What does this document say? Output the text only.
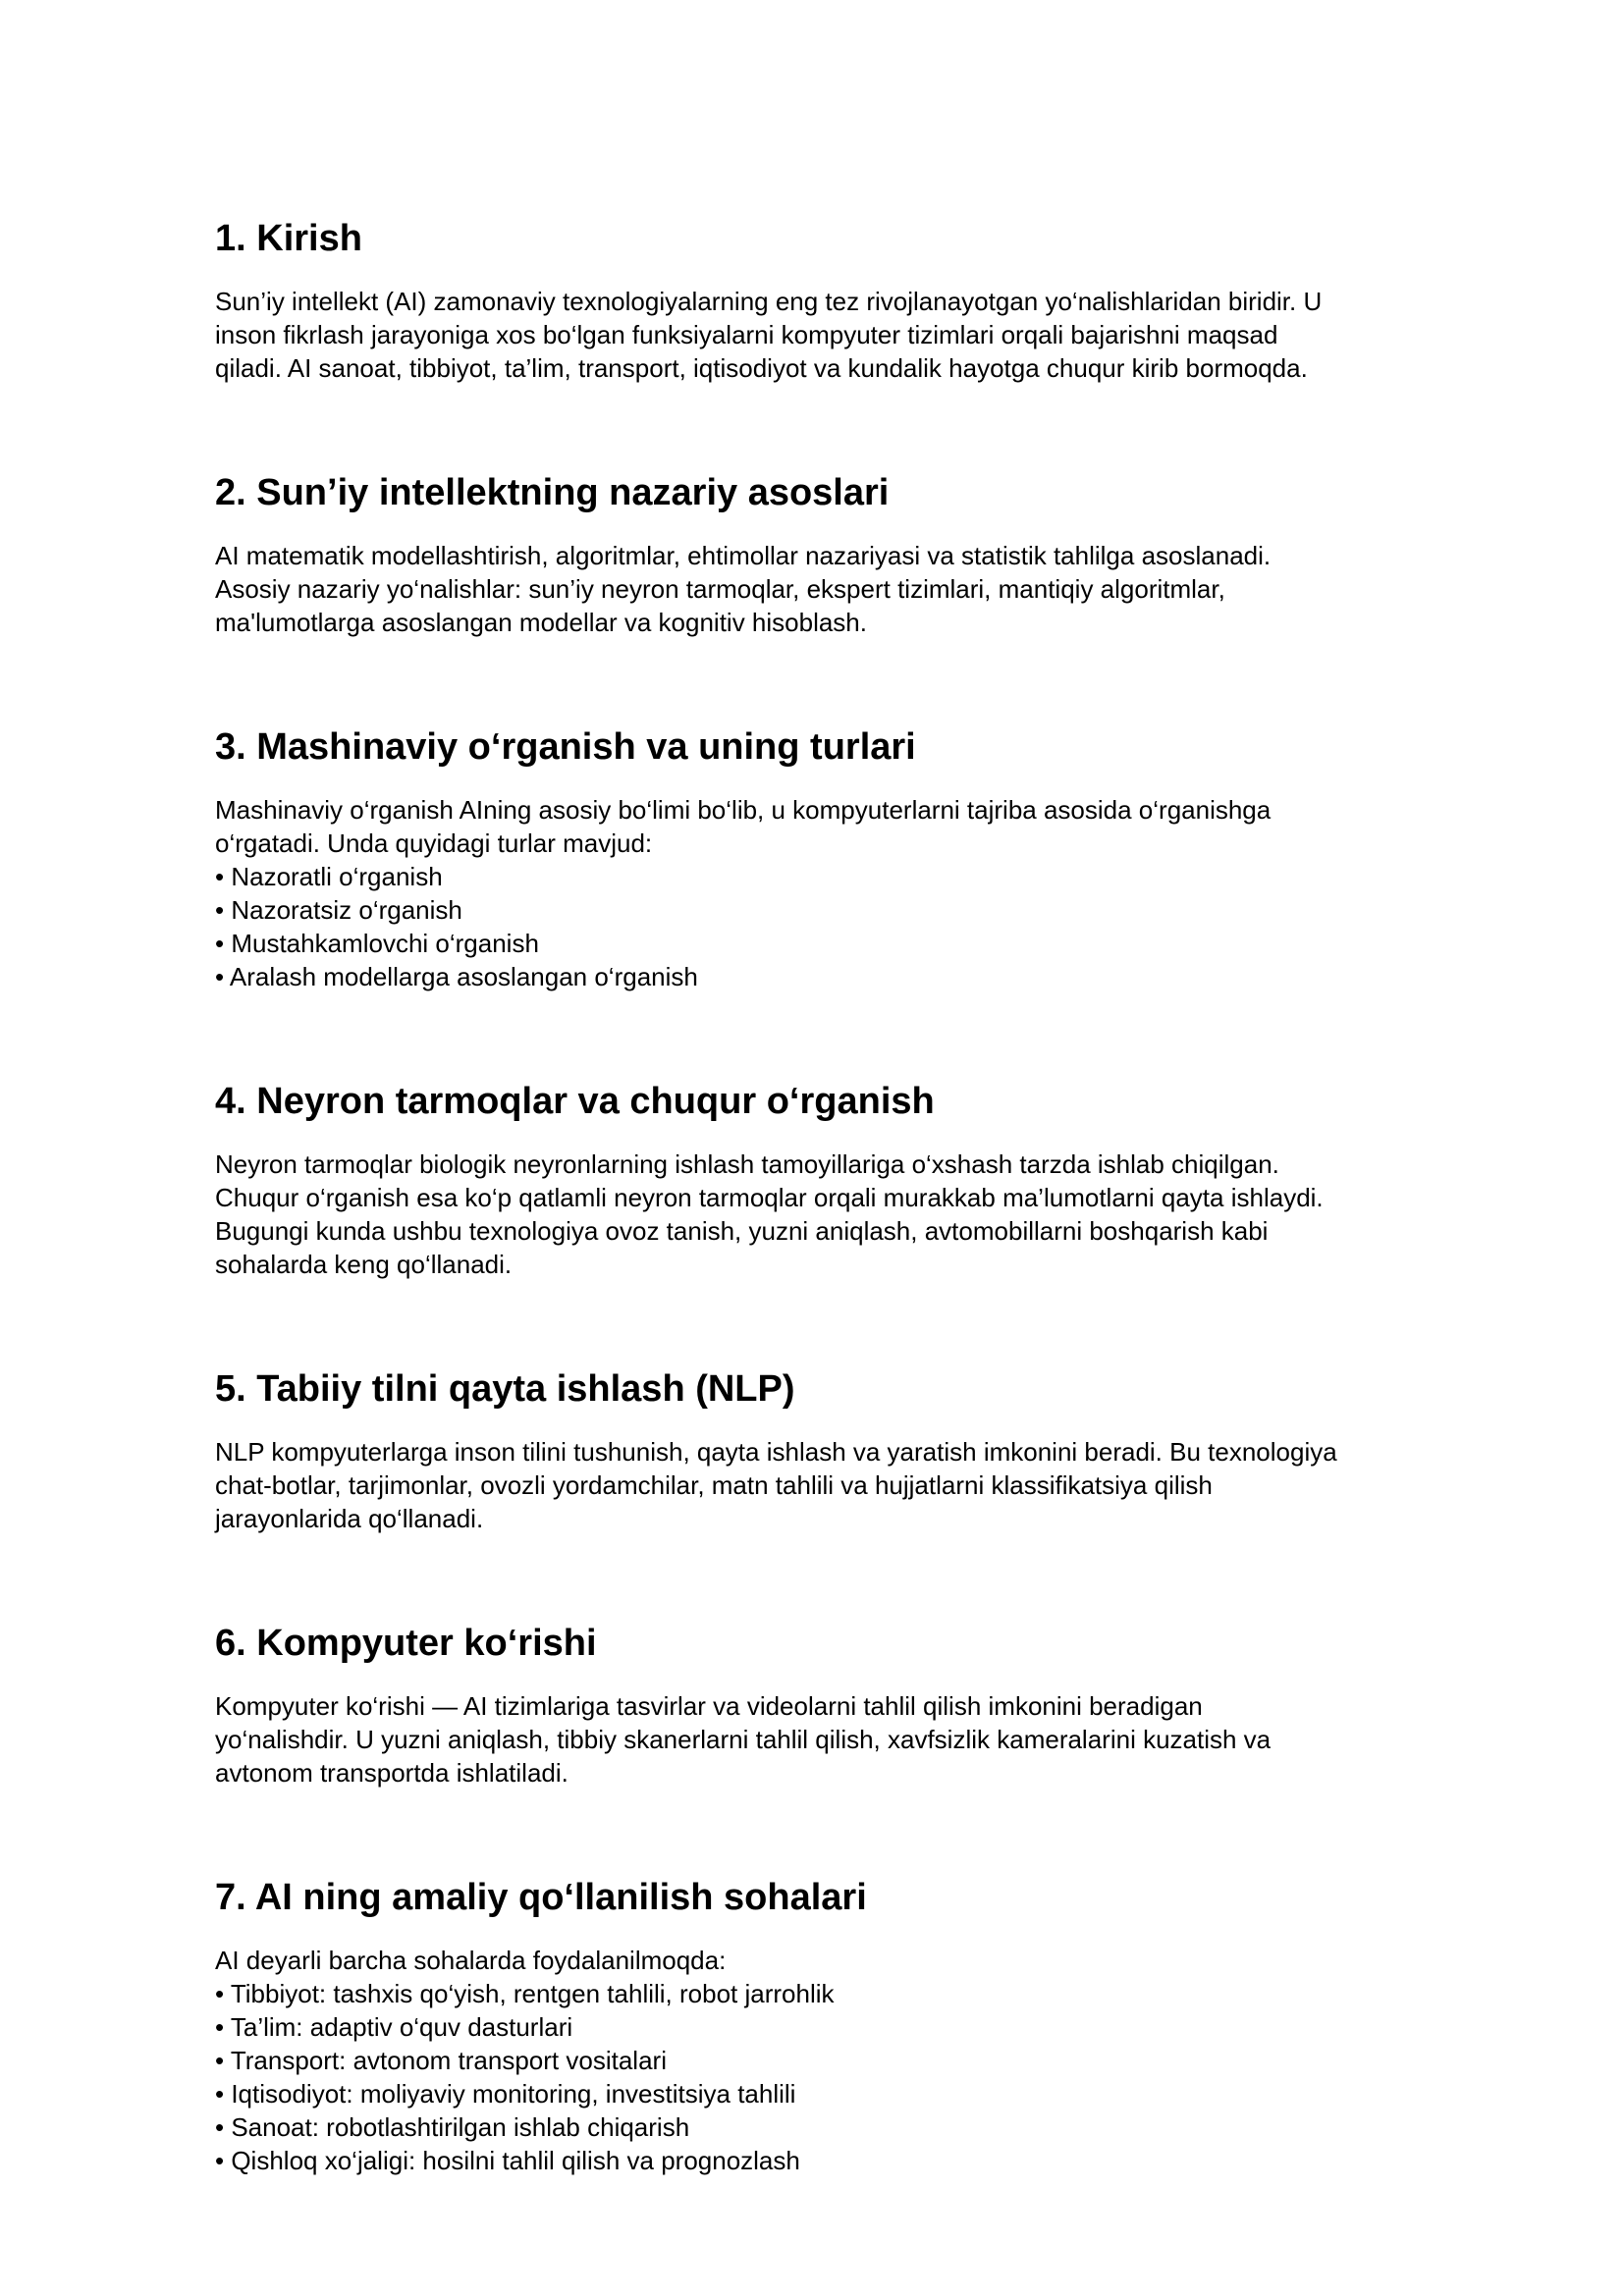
1. Kirish

Sun’iy intellekt (AI) zamonaviy texnologiyalarning eng tez rivojlanayotgan yo‘nalishlaridan biridir. U
inson fikrlash jarayoniga xos bo‘lgan funksiyalarni kompyuter tizimlari orqali bajarishni maqsad
qiladi. AI sanoat, tibbiyot, ta’lim, transport, iqtisodiyot va kundalik hayotga chuqur kirib bormoqda.

2. Sun’iy intellektning nazariy asoslari

AI matematik modellashtirish, algoritmlar, ehtimollar nazariyasi va statistik tahlilga asoslanadi.
Asosiy nazariy yo‘nalishlar: sun’iy neyron tarmoqlar, ekspert tizimlari, mantiqiy algoritmlar,
ma'lumotlarga asoslangan modellar va kognitiv hisoblash.

3. Mashinaviy o‘rganish va uning turlari

Mashinaviy o‘rganish AIning asosiy bo‘limi bo‘lib, u kompyuterlarni tajriba asosida o‘rganishga
o‘rgatadi. Unda quyidagi turlar mavjud:

• Nazoratli o‘rganish
• Nazoratsiz o‘rganish
• Mustahkamlovchi o‘rganish
• Aralash modellarga asoslangan o‘rganish
4. Neyron tarmoqlar va chuqur o‘rganish

Neyron tarmoqlar biologik neyronlarning ishlash tamoyillariga o‘xshash tarzda ishlab chiqilgan.
Chuqur o‘rganish esa ko‘p qatlamli neyron tarmoqlar orqali murakkab ma’lumotlarni qayta ishlaydi.
Bugungi kunda ushbu texnologiya ovoz tanish, yuzni aniqlash, avtomobillarni boshqarish kabi
sohalarda keng qo‘llanadi.

5. Tabiiy tilni qayta ishlash (NLP)

NLP kompyuterlarga inson tilini tushunish, qayta ishlash va yaratish imkonini beradi. Bu texnologiya
chat-botlar, tarjimonlar, ovozli yordamchilar, matn tahlili va hujjatlarni klassifikatsiya qilish
jarayonlarida qo‘llanadi.

6. Kompyuter ko‘rishi

Kompyuter ko‘rishi — AI tizimlariga tasvirlar va videolarni tahlil qilish imkonini beradigan
yo‘nalishdir. U yuzni aniqlash, tibbiy skanerlarni tahlil qilish, xavfsizlik kameralarini kuzatish va
avtonom transportda ishlatiladi.

7. AI ning amaliy qo‘llanilish sohalari

AI deyarli barcha sohalarda foydalanilmoqda:

• Tibbiyot: tashxis qo‘yish, rentgen tahlili, robot jarrohlik
• Ta’lim: adaptiv o‘quv dasturlari
• Transport: avtonom transport vositalari
• Iqtisodiyot: moliyaviy monitoring, investitsiya tahlili
• Sanoat: robotlashtirilgan ishlab chiqarish
• Qishloq xo‘jaligi: hosilni tahlil qilish va prognozlash
